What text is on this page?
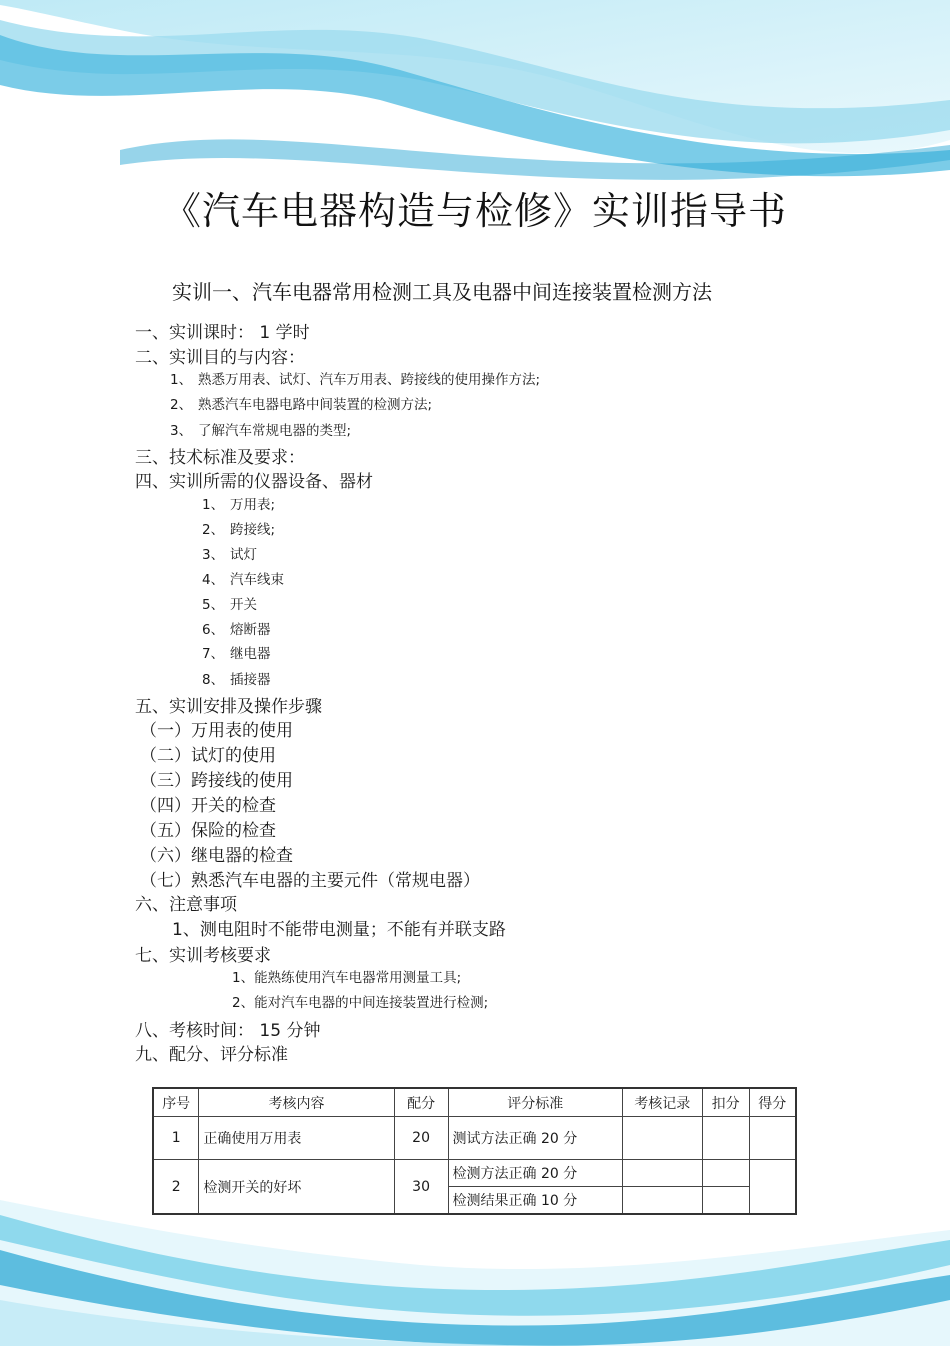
《汽车电器构造与检修》实训指导书
实训一、汽车电器常用检测工具及电器中间连接装置检测方法
一、实训课时： 1 学时
二、实训目的与内容：
1、 熟悉万用表、试灯、汽车万用表、跨接线的使用操作方法;
2、 熟悉汽车电器电路中间装置的检测方法;
3、 了解汽车常规电器的类型;
三、技术标准及要求：
四、实训所需的仪器设备、器材
1、 万用表;
2、 跨接线;
3、 试灯
4、 汽车线束
5、 开关
6、 熔断器
7、 继电器
8、 插接器
五、实训安排及操作步骤
（一）万用表的使用
（二）试灯的使用
（三）跨接线的使用
（四）开关的检查
（五）保险的检查
（六）继电器的检查
（七）熟悉汽车电器的主要元件（常规电器）
六、注意事项
1、测电阻时不能带电测量；不能有并联支路
七、实训考核要求
1、能熟练使用汽车电器常用测量工具;
2、能对汽车电器的中间连接装置进行检测;
八、考核时间： 15 分钟
九、配分、评分标准
序号	考核内容	配分	评分标准	考核记录	扣分	得分
1	正确使用万用表	20	测试方法正确 20 分			
2	检测开关的好坏	30	检测方法正确 20 分			
			检测结果正确 10 分			
